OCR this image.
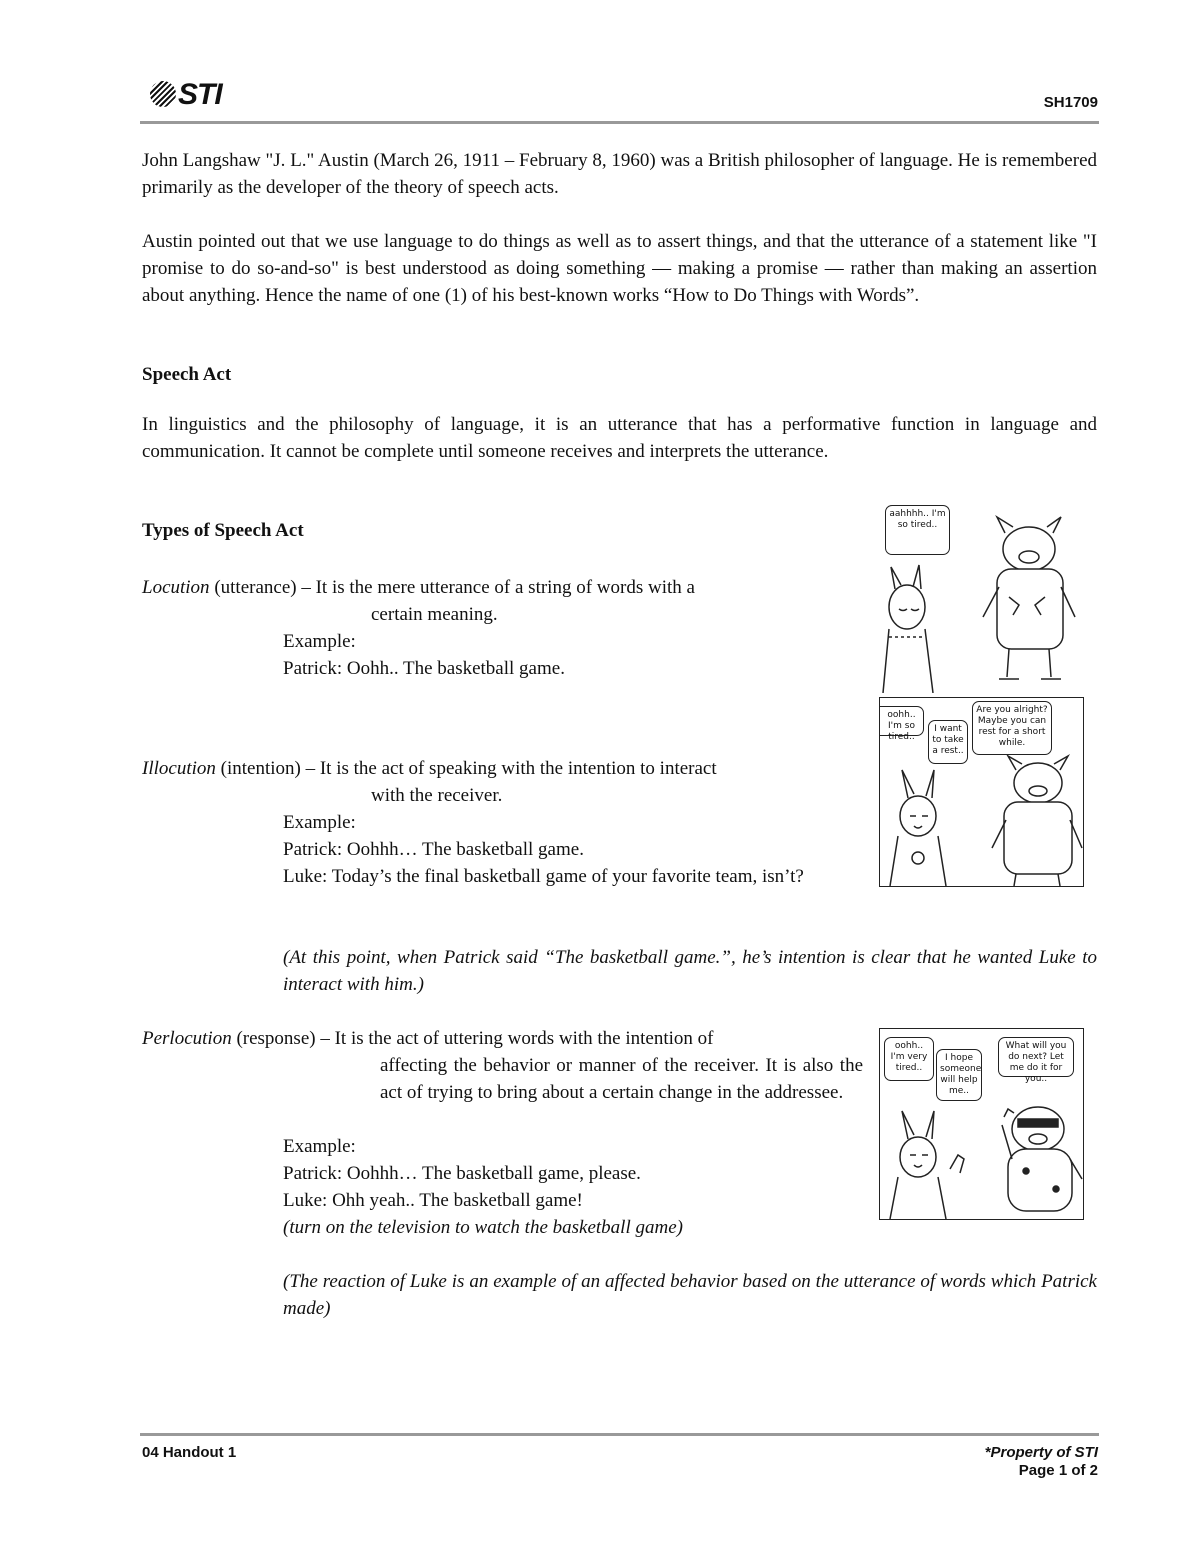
STI	SH1709
John Langshaw "J. L." Austin (March 26, 1911 – February 8, 1960) was a British philosopher of language. He is remembered primarily as the developer of the theory of speech acts.
Austin pointed out that we use language to do things as well as to assert things, and that the utterance of a statement like "I promise to do so-and-so" is best understood as doing something — making a promise — rather than making an assertion about anything. Hence the name of one (1) of his best-known works “How to Do Things with Words”.
Speech Act
In linguistics and the philosophy of language, it is an utterance that has a performative function in language and communication. It cannot be complete until someone receives and interprets the utterance.
Types of Speech Act
Locution (utterance) – It is the mere utterance of a string of words with a
certain meaning.
Example:
Patrick: Oohh.. The basketball game.
Illocution (intention) – It is the act of speaking with the intention to interact
with the receiver.
Example:
Patrick: Oohhh… The basketball game.
Luke: Today’s the final basketball game of your favorite team, isn’t?
(At this point, when Patrick said “The basketball game.”, he’s intention is clear that he wanted Luke to interact with him.)
Perlocution (response) – It is the act of uttering words with the intention of
affecting the behavior or manner of the receiver. It is also the act of trying to bring about a certain change in the addressee.
Example:
Patrick: Oohhh… The basketball game, please.
Luke: Ohh yeah.. The basketball game!
(turn on the television to watch the basketball game)
(The reaction of Luke is an example of an affected behavior based on the utterance of words which Patrick made)
aahhhh.. I'm so tired..
oohh.. I'm so tired..
I want to take a rest..
Are you alright? Maybe you can rest for a short while.
oohh.. I'm very tired..
I hope someone will help me..
What will you do next? Let me do it for you..
04 Handout 1	*Property of STI
Page 1 of 2
